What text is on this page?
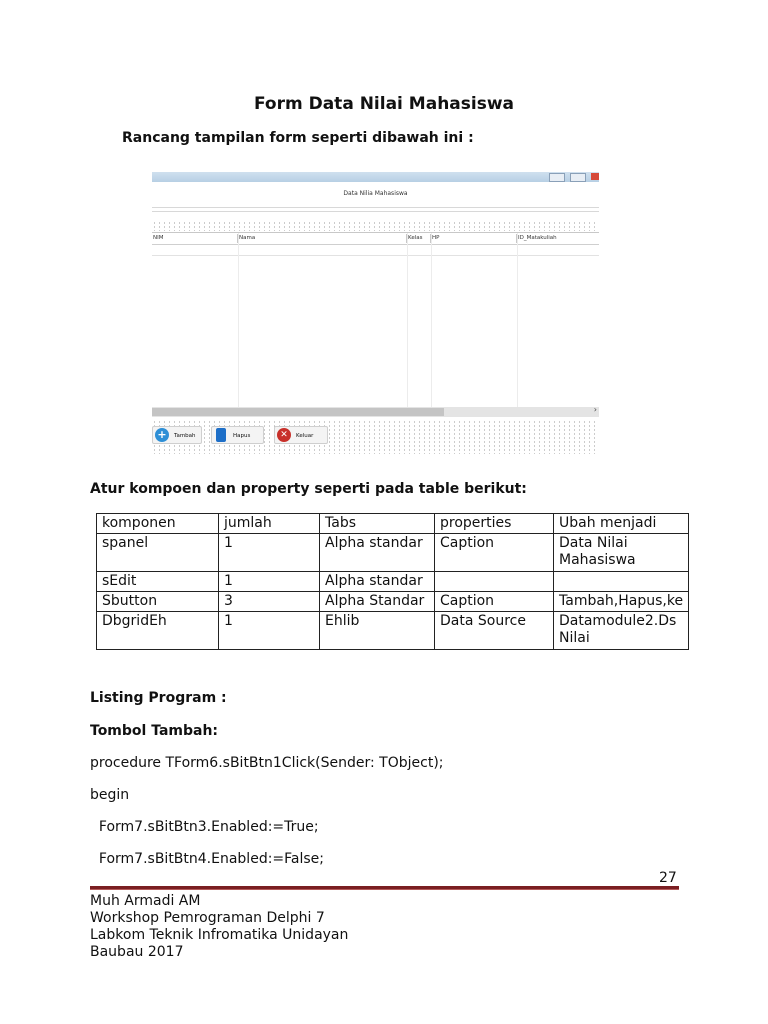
Form Data Nilai Mahasiswa
Rancang tampilan form seperti dibawah ini :
Data Nilia Mahasiswa
NIM	Nama	Kelas	HP	ID_Matakuliah
›
+	Tambah	Hapus	✕	Keluar
Atur kompoen dan property seperti pada table berikut:
komponen	jumlah	Tabs	properties	Ubah menjadi
spanel	1	Alpha standar	Caption	Data Nilai Mahasiswa
sEdit	1	Alpha standar		
Sbutton	3	Alpha Standar	Caption	Tambah,Hapus,ke
DbgridEh	1	Ehlib	Data Source	Datamodule2.Ds Nilai
Listing Program :
Tombol Tambah:
procedure TForm6.sBitBtn1Click(Sender: TObject);
begin
Form7.sBitBtn3.Enabled:=True;
Form7.sBitBtn4.Enabled:=False;
27
Muh Armadi AM
Workshop Pemrograman Delphi 7
Labkom Teknik Infromatika Unidayan
Baubau 2017
